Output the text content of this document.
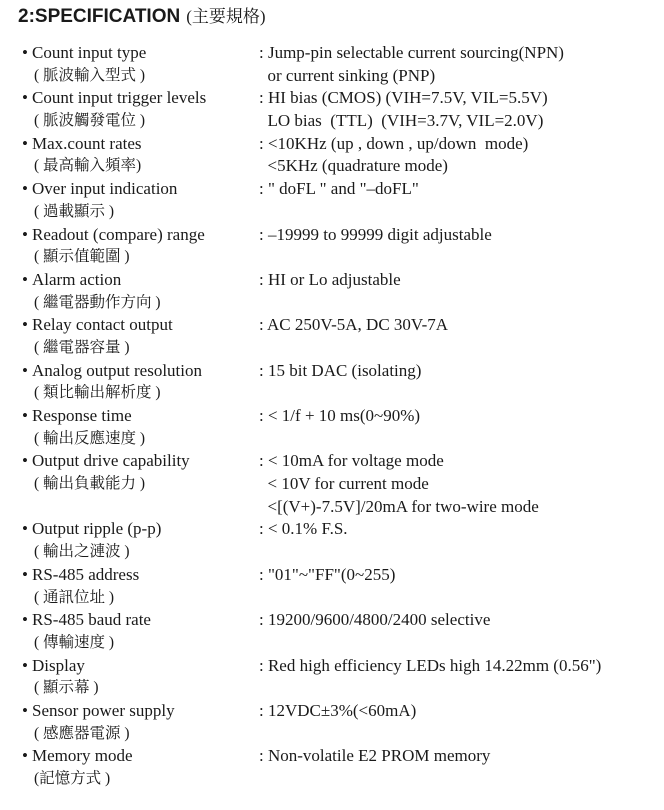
2:SPECIFICATION (主要規格)
• Count input type
( 脈波輸入型式 )
: Jump-pin selectable current sourcing(NPN)
or current sinking (PNP)
• Count input trigger levels
( 脈波觸發電位 )
: HI bias (CMOS) (VIH=7.5V, VIL=5.5V)
LO bias  (TTL)  (VIH=3.7V, VIL=2.0V)
• Max.count rates
( 最高輸入頻率)
: <10KHz (up , down , up/down  mode)
<5KHz (quadrature mode)
• Over input indication
( 過載顯示 )
: " doFL " and "–doFL"
• Readout (compare) range
( 顯示值範圍 )
: –19999 to 99999 digit adjustable
• Alarm action
( 繼電器動作方向 )
: HI or Lo adjustable
• Relay contact output
( 繼電器容量 )
: AC 250V-5A, DC 30V-7A
• Analog output resolution
( 類比輸出解析度 )
: 15 bit DAC (isolating)
• Response time
( 輸出反應速度 )
: < 1/f + 10 ms(0~90%)
• Output drive capability
( 輸出負載能力 )
: < 10mA for voltage mode
< 10V for current mode
<[(V+)-7.5V]/20mA for two-wire mode
• Output ripple (p-p)
( 輸出之漣波 )
: < 0.1% F.S.
• RS-485 address
( 通訊位址 )
: "01"~"FF"(0~255)
• RS-485 baud rate
( 傳輸速度 )
: 19200/9600/4800/2400 selective
• Display
( 顯示幕 )
: Red high efficiency LEDs high 14.22mm (0.56")
• Sensor power supply
( 感應器電源 )
: 12VDC±3%(<60mA)
• Memory mode
(記憶方式 )
: Non-volatile E2 PROM memory
